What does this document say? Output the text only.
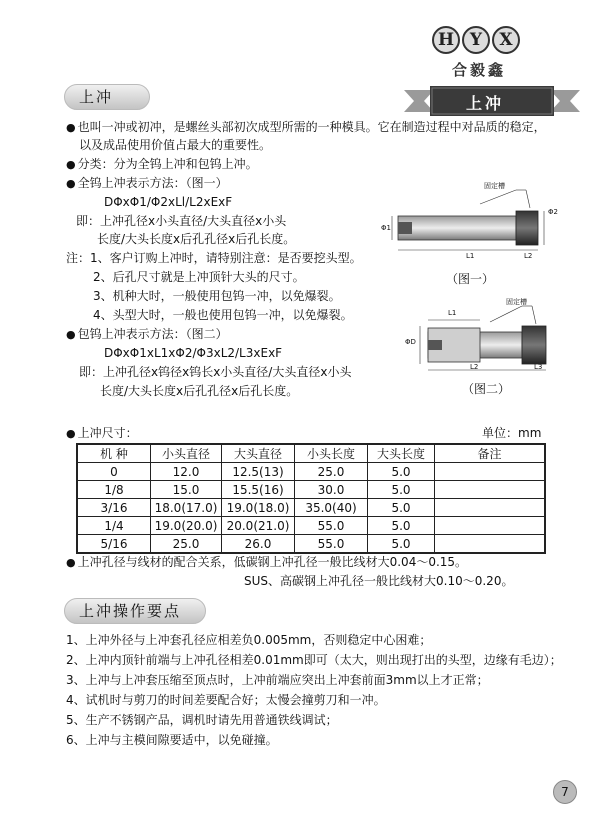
H Y	X
合毅鑫
上冲
上冲
● 也叫一冲或初冲，是螺丝头部初次成型所需的一种模具。它在制造过程中对品质的稳定，
以及成品使用价值占最大的重要性。
● 分类：分为全钨上冲和包钨上冲。
● 全钨上冲表示方法：（图一）
DΦxΦ1/Φ2xLl/L2xExF
即：上冲孔径x小头直径/大头直径x小头
长度/大头长度x后孔孔径x后孔长度。
注：1、客户订购上冲时，请特别注意：是否要挖头型。
2、后孔尺寸就是上冲顶针大头的尺寸。
3、机种大时，一般使用包钨一冲，以免爆裂。
4、头型大时，一般也使用包钨一冲，以免爆裂。
● 包钨上冲表示方法：（图二）
DΦxΦ1xL1xΦ2/Φ3xL2/L3xExF
即：上冲孔径x钨径x钨长x小头直径/大头直径x小头
长度/大头长度x后孔孔径x后孔长度。
固定槽
Φ1
L1	L2
Φ2
（图一）
固定槽
L1
ΦD
L2	L3
（图二）
● 上冲尺寸：	单位：mm
机 种	小头直径	大头直径	小头长度	大头长度	备注
0	12.0	12.5(13)	25.0	5.0	
1/8	15.0	15.5(16)	30.0	5.0	
3/16	18.0(17.0)	19.0(18.0)	35.0(40)	5.0	
1/4	19.0(20.0)	20.0(21.0)	55.0	5.0	
5/16	25.0	26.0	55.0	5.0	
● 上冲孔径与线材的配合关系，低碳钢上冲孔径一般比线材大0.04～0.15。
SUS、高碳钢上冲孔径一般比线材大0.10～0.20。
上冲操作要点
1、上冲外径与上冲套孔径应相差负0.005mm，否则稳定中心困难；
2、上冲内顶针前端与上冲孔径相差0.01mm即可（太大，则出现打出的头型，边缘有毛边）；
3、上冲与上冲套压缩至顶点时，上冲前端应突出上冲套前面3mm以上才正常；
4、试机时与剪刀的时间差要配合好；太慢会撞剪刀和一冲。
5、生产不锈钢产品，调机时请先用普通铁线调试；
6、上冲与主模间隙要适中，以免碰撞。
7
